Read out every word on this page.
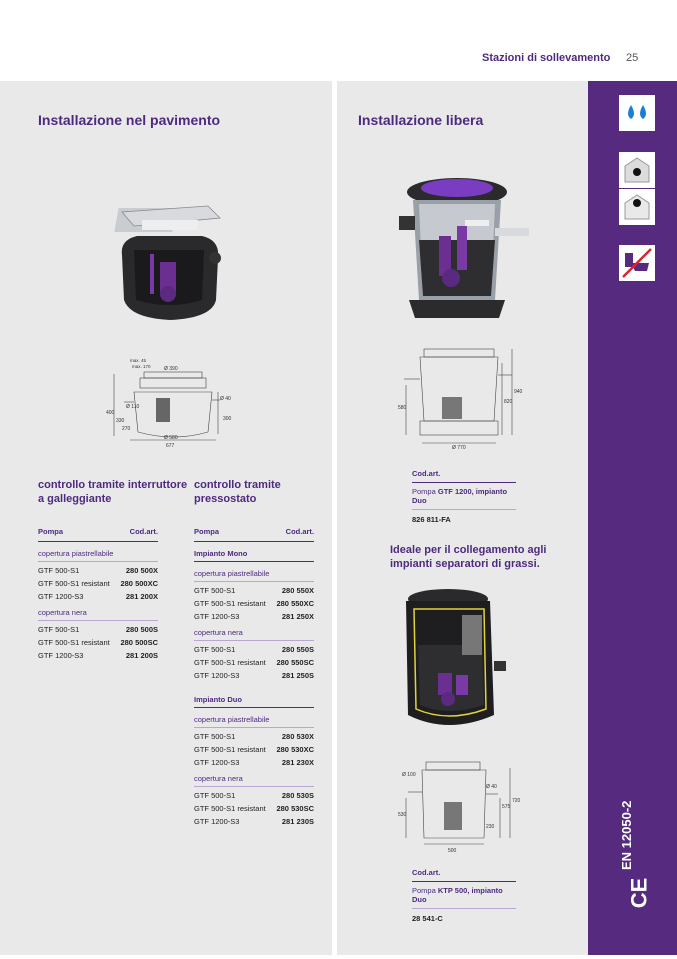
Stazioni di sollevamento 25
Installazione nel pavimento
Ø 390
Ø 580
677
Ø 40
300
400
330
270
Ø 110
max. 45
max. 170
controllo tramite interruttore a galleggiante
Pompa	Cod.art.
copertura piastrellabile
GTF 500-S1	280 500X
GTF 500-S1 resistant 280 500XC
GTF 1200-S3	281 200X
copertura nera
GTF 500-S1	280 500S
GTF 500-S1 resistant 280 500SC
GTF 1200-S3	281 200S
controllo tramite pressostato
Pompa	Cod.art.
Impianto Mono
copertura piastrellabile
GTF 500-S1	280 550X
GTF 500-S1 resistant 280 550XC
GTF 1200-S3	281 250X
copertura nera
GTF 500-S1	280 550S
GTF 500-S1 resistant 280 550SC
GTF 1200-S3	281 250S
Impianto Duo
copertura piastrellabile
GTF 500-S1	280 530X
GTF 500-S1 resistant 280 530XC
GTF 1200-S3	281 230X
copertura nera
GTF 500-S1	280 530S
GTF 500-S1 resistant 280 530SC
GTF 1200-S3	281 230S
Installazione libera
Ø 770
580
820
940
Cod.art.
Pompa GTF 1200, impianto Duo
826 811-FA
Ideale per il collegamento agli impianti separatori di grassi.
Ø 100
Ø 40
530
575
720
230
500
Cod.art.
Pompa KTP 500, impianto Duo
28 541-C
EN 12050-2
CE
